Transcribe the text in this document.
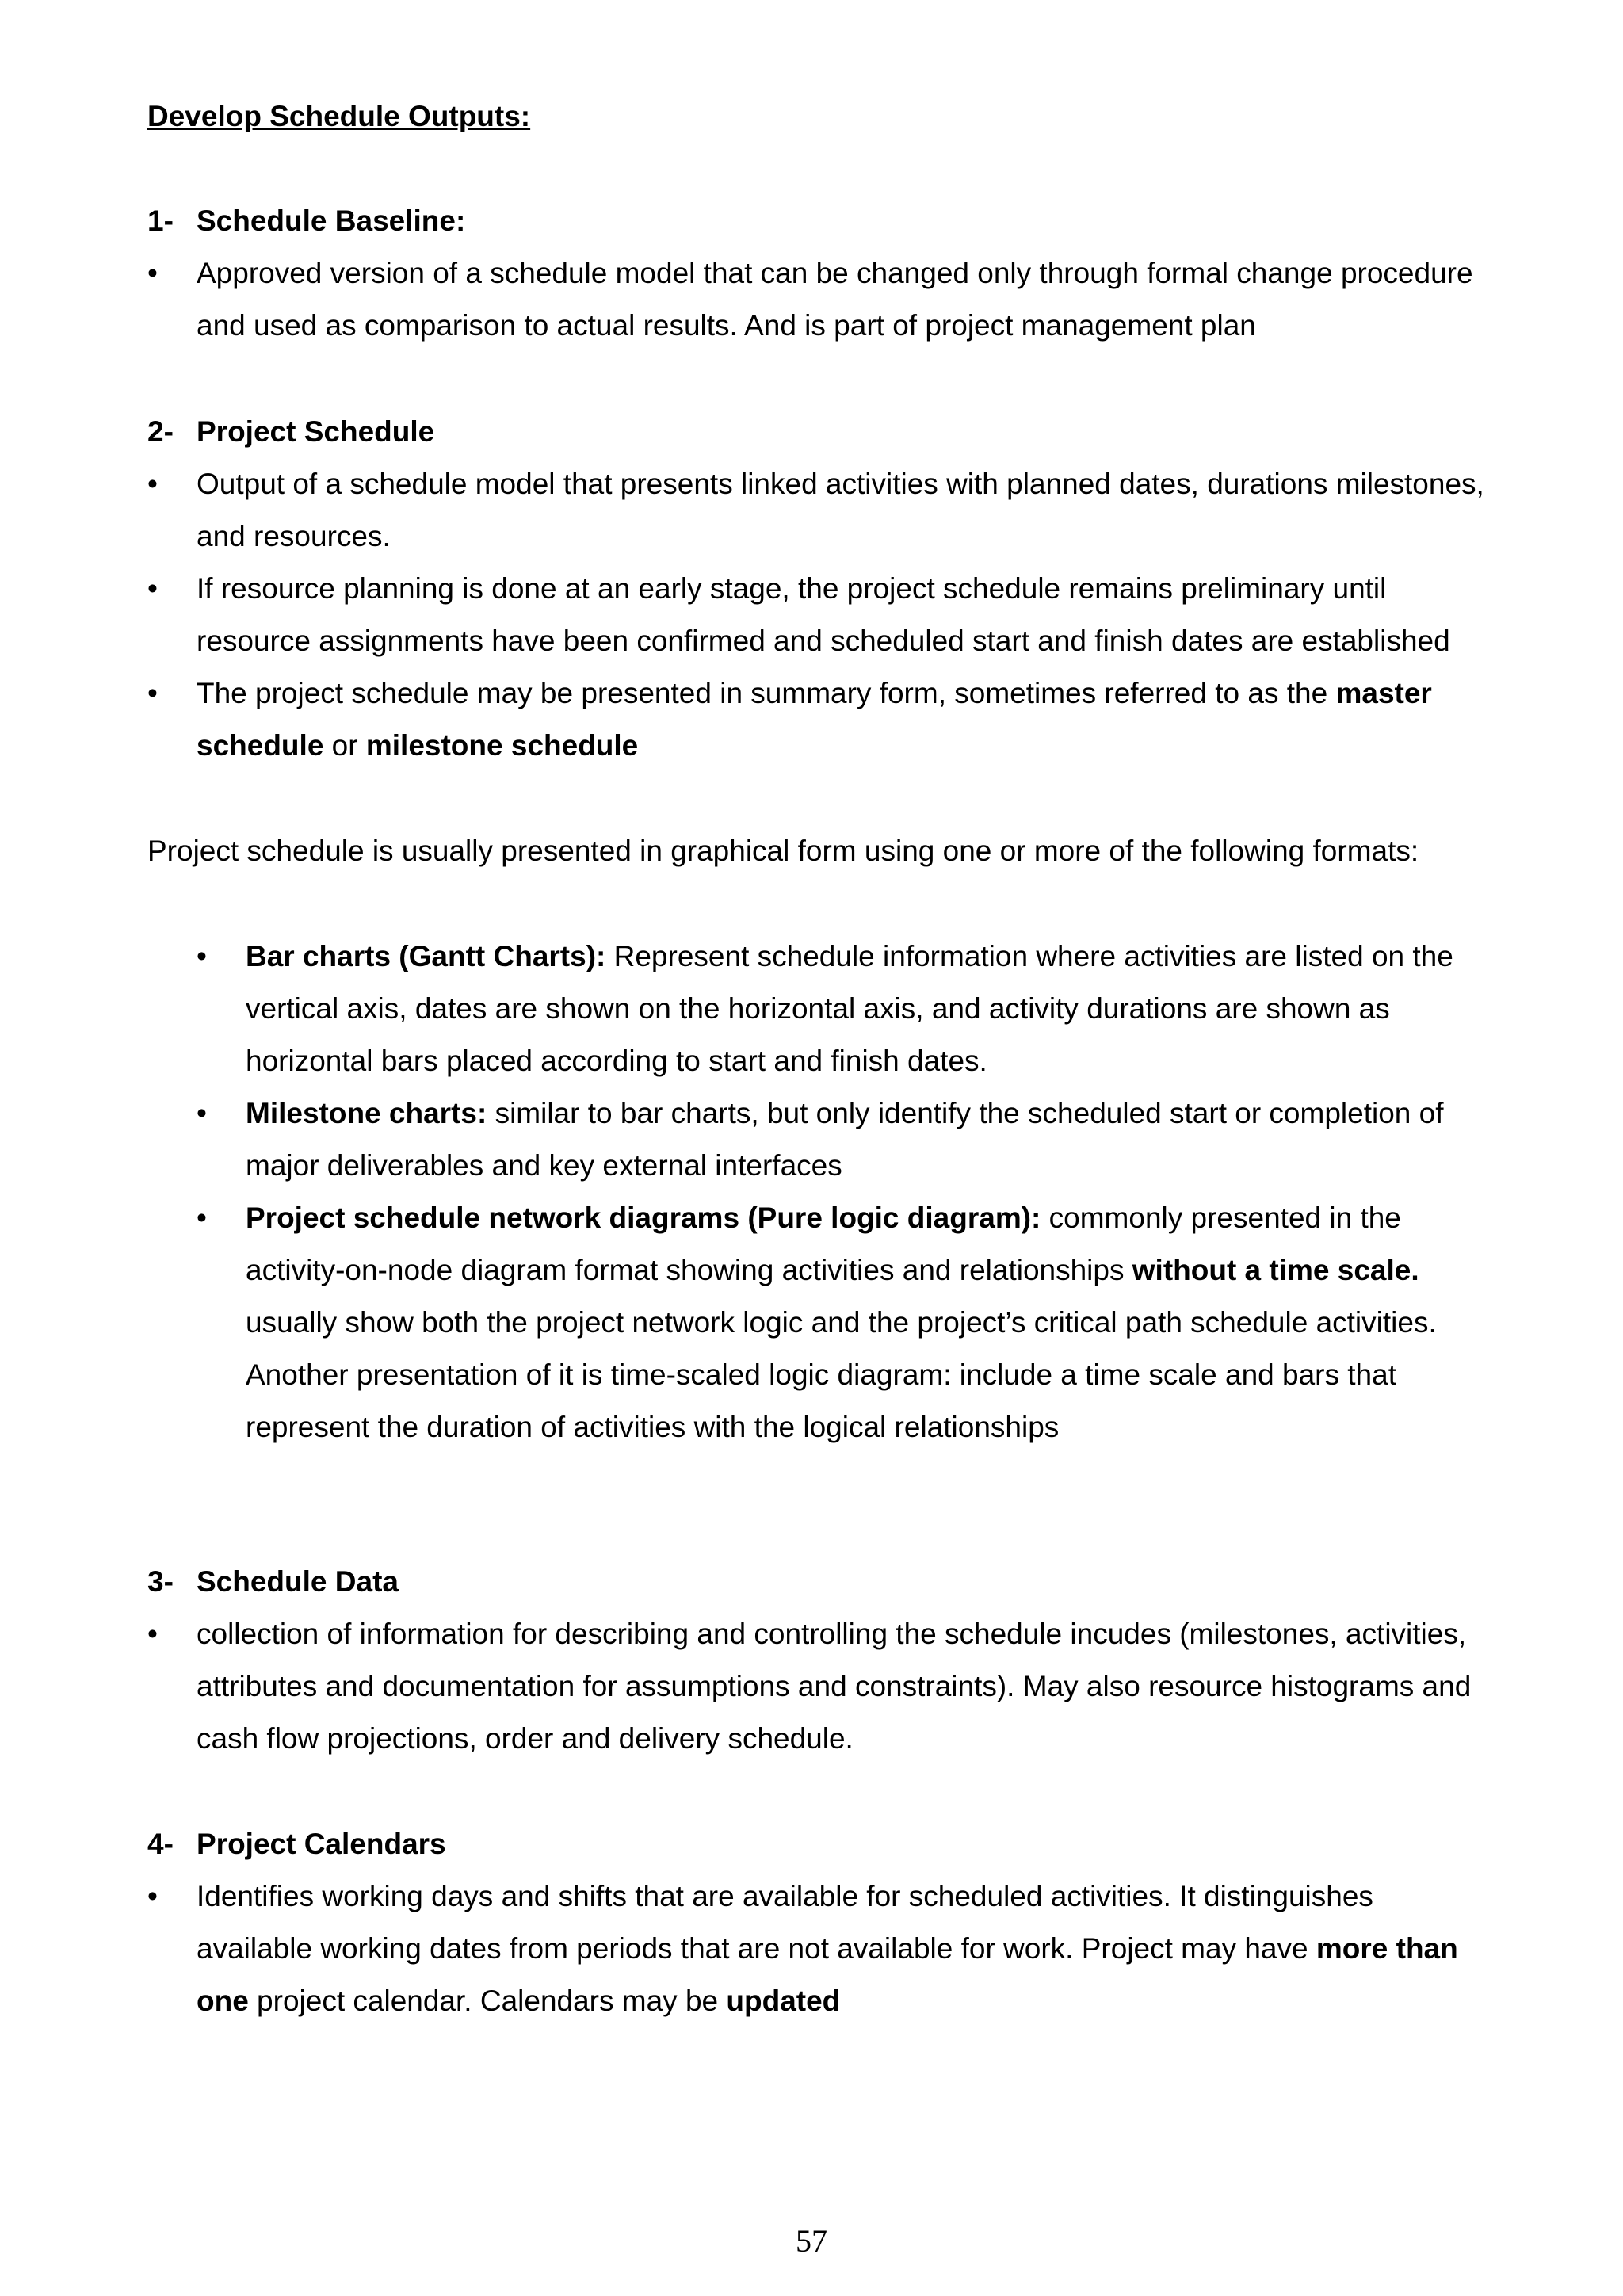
Develop Schedule Outputs:
1- Schedule Baseline:
• Approved version of a schedule model that can be changed only through formal change procedure
and used as comparison to actual results. And is part of project management plan
2- Project Schedule
• Output of a schedule model that presents linked activities with planned dates, durations milestones,
and resources.
• If resource planning is done at an early stage, the project schedule remains preliminary until
resource assignments have been confirmed and scheduled start and finish dates are established
• The project schedule may be presented in summary form, sometimes referred to as the master
schedule or milestone schedule
Project schedule is usually presented in graphical form using one or more of the following formats:
• Bar charts (Gantt Charts): Represent schedule information where activities are listed on the
vertical axis, dates are shown on the horizontal axis, and activity durations are shown as
horizontal bars placed according to start and finish dates.
• Milestone charts: similar to bar charts, but only identify the scheduled start or completion of
major deliverables and key external interfaces
• Project schedule network diagrams (Pure logic diagram): commonly presented in the
activity-on-node diagram format showing activities and relationships without a time scale.
usually show both the project network logic and the project’s critical path schedule activities.
Another presentation of it is time-scaled logic diagram: include a time scale and bars that
represent the duration of activities with the logical relationships
3- Schedule Data
• collection of information for describing and controlling the schedule incudes (milestones, activities,
attributes and documentation for assumptions and constraints). May also resource histograms and
cash flow projections, order and delivery schedule.
4- Project Calendars
• Identifies working days and shifts that are available for scheduled activities. It distinguishes
available working dates from periods that are not available for work. Project may have more than
one project calendar. Calendars may be updated
57
